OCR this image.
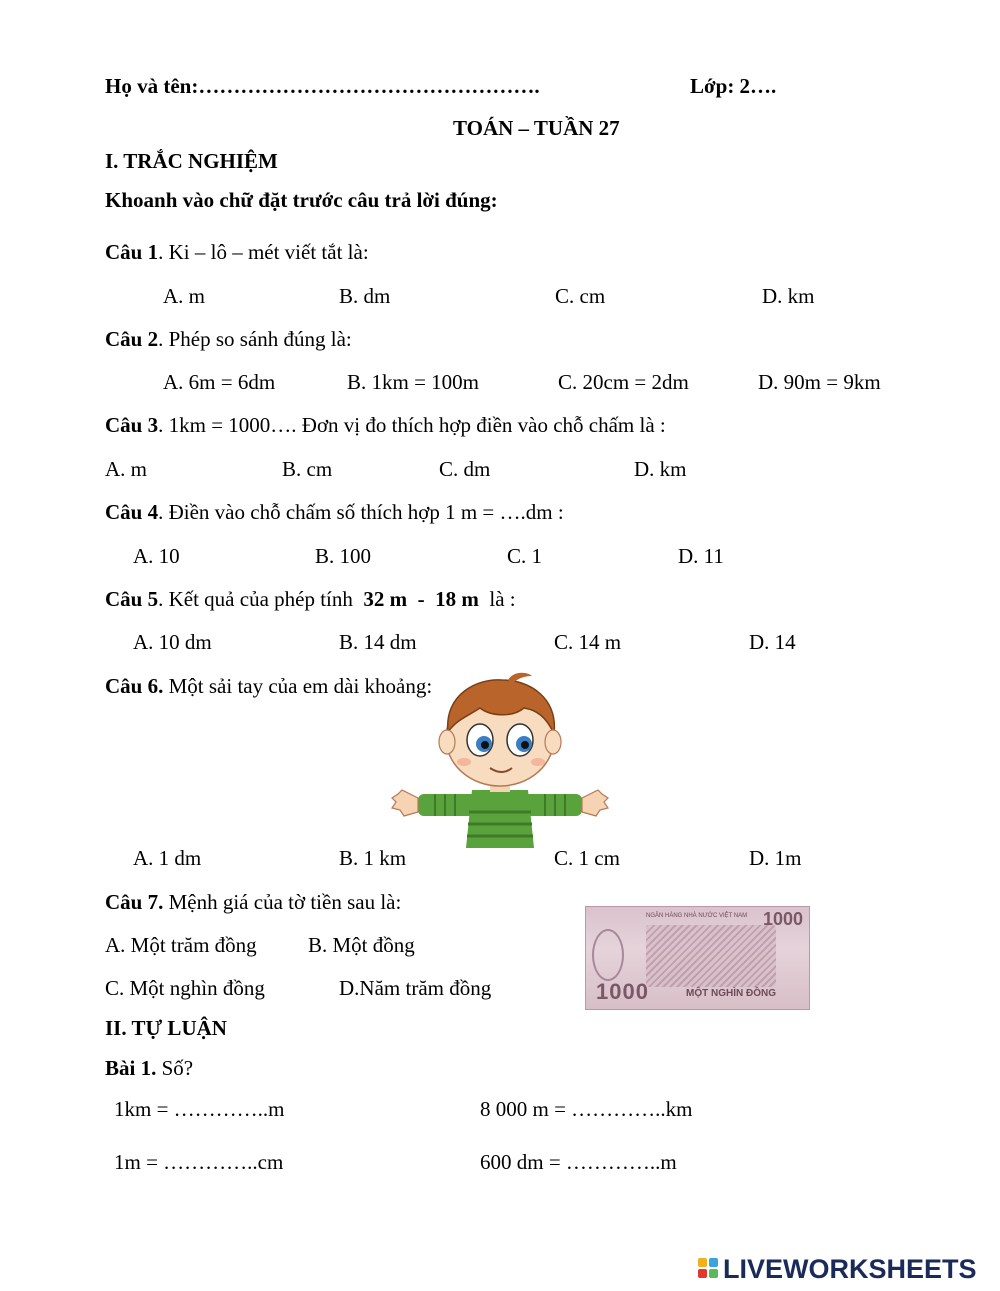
Họ và tên:………………………………………….	Lớp: 2….
TOÁN – TUẦN 27
I. TRẮC NGHIỆM
Khoanh vào chữ đặt trước câu trả lời đúng:
Câu 1. Ki – lô – mét viết tắt là:
A. m	B. dm	C. cm	D. km
Câu 2. Phép so sánh đúng là:
A. 6m = 6dm	B. 1km = 100m	C. 20cm = 2dm	D. 90m = 9km
Câu 3. 1km = 1000…. Đơn vị đo thích hợp điền vào chỗ chấm là :
A. m	B. cm	C. dm	D. km
Câu 4. Điền vào chỗ chấm số thích hợp 1 m = ….dm :
A. 10	B. 100	C. 1	D. 11
Câu 5. Kết quả của phép tính  32 m  -  18 m  là :
A. 10 dm	B. 14 dm	C. 14 m	D. 14
Câu 6. Một sải tay của em dài khoảng:
A. 1 dm	B. 1 km	C. 1 cm	D. 1m
Câu 7. Mệnh giá của tờ tiền sau là:
A. Một trăm đồng B. Một đồng
C. Một nghìn đồng	D.Năm trăm đồng
NGÂN HÀNG NHÀ NƯỚC VIỆT NAM 1000
1000	MỘT NGHÌN ĐỒNG
II. TỰ LUẬN
Bài 1. Số?
1km = …………..m	8 000 m = …………..km
1m = …………..cm	600 dm = …………..m
LIVEWORKSHEETS
